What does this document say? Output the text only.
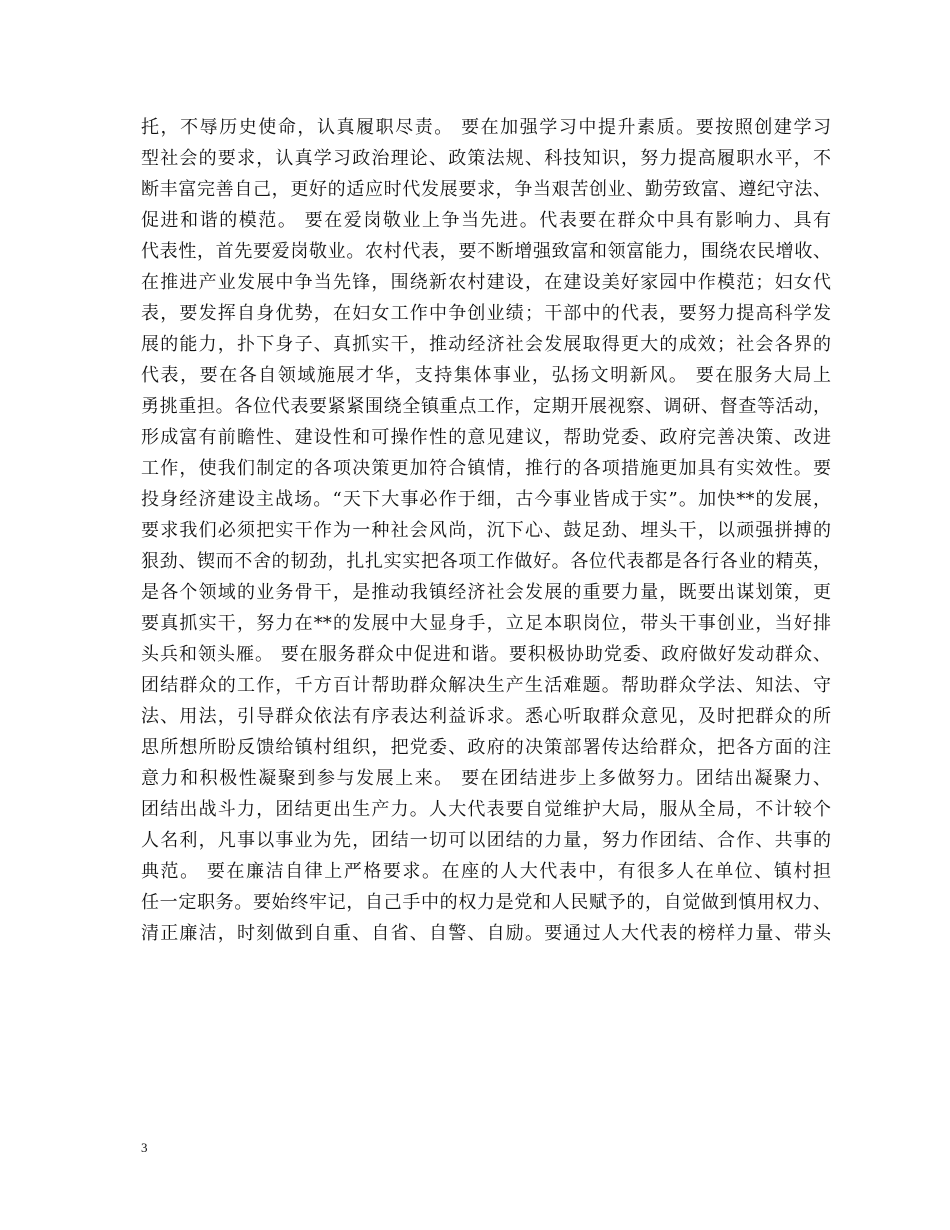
托，不辱历史使命，认真履职尽责。 要在加强学习中提升素质。要按照创建学习

型社会的要求，认真学习政治理论、政策法规、科技知识，努力提高履职水平，不

断丰富完善自己，更好的适应时代发展要求，争当艰苦创业、勤劳致富、遵纪守法、

促进和谐的模范。 要在爱岗敬业上争当先进。代表要在群众中具有影响力、具有

代表性，首先要爱岗敬业。农村代表，要不断增强致富和领富能力，围绕农民增收、

在推进产业发展中争当先锋，围绕新农村建设，在建设美好家园中作模范；妇女代

表，要发挥自身优势，在妇女工作中争创业绩；干部中的代表，要努力提高科学发

展的能力，扑下身子、真抓实干，推动经济社会发展取得更大的成效；社会各界的

代表，要在各自领域施展才华，支持集体事业，弘扬文明新风。 要在服务大局上

勇挑重担。各位代表要紧紧围绕全镇重点工作，定期开展视察、调研、督查等活动，

形成富有前瞻性、建设性和可操作性的意见建议，帮助党委、政府完善决策、改进

工作，使我们制定的各项决策更加符合镇情，推行的各项措施更加具有实效性。要

投身经济建设主战场。“天下大事必作于细，古今事业皆成于实”。加快**的发展，

要求我们必须把实干作为一种社会风尚，沉下心、鼓足劲、埋头干，以顽强拼搏的

狠劲、锲而不舍的韧劲，扎扎实实把各项工作做好。各位代表都是各行各业的精英，

是各个领域的业务骨干，是推动我镇经济社会发展的重要力量，既要出谋划策，更

要真抓实干，努力在**的发展中大显身手，立足本职岗位，带头干事创业，当好排

头兵和领头雁。 要在服务群众中促进和谐。要积极协助党委、政府做好发动群众、

团结群众的工作，千方百计帮助群众解决生产生活难题。帮助群众学法、知法、守

法、用法，引导群众依法有序表达利益诉求。悉心听取群众意见，及时把群众的所

思所想所盼反馈给镇村组织，把党委、政府的决策部署传达给群众，把各方面的注

意力和积极性凝聚到参与发展上来。 要在团结进步上多做努力。团结出凝聚力、

团结出战斗力，团结更出生产力。人大代表要自觉维护大局，服从全局，不计较个

人名利，凡事以事业为先，团结一切可以团结的力量，努力作团结、合作、共事的

典范。 要在廉洁自律上严格要求。在座的人大代表中，有很多人在单位、镇村担

任一定职务。要始终牢记，自己手中的权力是党和人民赋予的，自觉做到慎用权力、

清正廉洁，时刻做到自重、自省、自警、自励。要通过人大代表的榜样力量、带头

3
